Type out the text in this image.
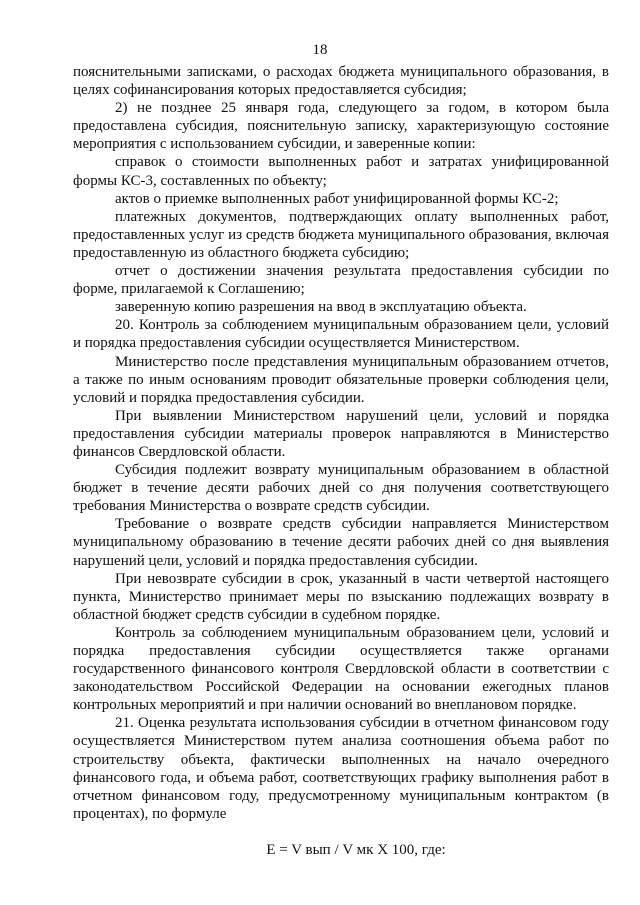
18

пояснительными записками, о расходах бюджета муниципального образования, в целях софинансирования которых предоставляется субсидия;

2) не позднее 25 января года, следующего за годом, в котором была предоставлена субсидия, пояснительную записку, характеризующую состояние мероприятия с использованием субсидии, и заверенные копии:

справок о стоимости выполненных работ и затратах унифицированной формы КС-3, составленных по объекту;

актов о приемке выполненных работ унифицированной формы КС-2;

платежных документов, подтверждающих оплату выполненных работ, предоставленных услуг из средств бюджета муниципального образования, включая предоставленную из областного бюджета субсидию;

отчет о достижении значения результата предоставления субсидии по форме, прилагаемой к Соглашению;

заверенную копию разрешения на ввод в эксплуатацию объекта.

20. Контроль за соблюдением муниципальным образованием цели, условий и порядка предоставления субсидии осуществляется Министерством.

Министерство после представления муниципальным образованием отчетов, а также по иным основаниям проводит обязательные проверки соблюдения цели, условий и порядка предоставления субсидии.

При выявлении Министерством нарушений цели, условий и порядка предоставления субсидии материалы проверок направляются в Министерство финансов Свердловской области.

Субсидия подлежит возврату муниципальным образованием в областной бюджет в течение десяти рабочих дней со дня получения соответствующего требования Министерства о возврате средств субсидии.

Требование о возврате средств субсидии направляется Министерством муниципальному образованию в течение десяти рабочих дней со дня выявления нарушений цели, условий и порядка предоставления субсидии.

При невозврате субсидии в срок, указанный в части четвертой настоящего пункта, Министерство принимает меры по взысканию подлежащих возврату в областной бюджет средств субсидии в судебном порядке.

Контроль за соблюдением муниципальным образованием цели, условий и порядка предоставления субсидии осуществляется также органами государственного финансового контроля Свердловской области в соответствии с законодательством Российской Федерации на основании ежегодных планов контрольных мероприятий и при наличии оснований во внеплановом порядке.

21. Оценка результата использования субсидии в отчетном финансовом году осуществляется Министерством путем анализа соотношения объема работ по строительству объекта, фактически выполненных на начало очередного финансового года, и объема работ, соответствующих графику выполнения работ в отчетном финансовом году, предусмотренному муниципальным контрактом (в процентах), по формуле

E = V вып / V мк X 100, где:
